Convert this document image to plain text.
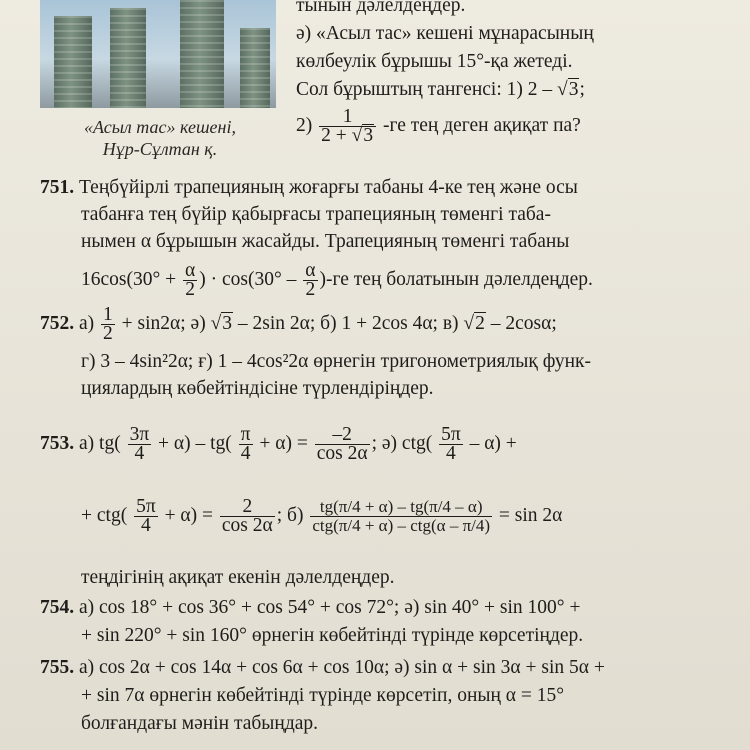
«Асыл тас» кешені,
Нұр-Сұлтан қ.
тынын дәлелдеңдер.
ә) «Асыл тас» кешені мұнарасының
көлбеулік бұрышы 15°-қа жетеді.
Сол бұрыштың тангенсі: 1) 2 – √3;
$2) \frac{1}{2 + √3} -ге$ тең деген ақиқат па?
751. Теңбүйірлі трапецияның жоғарғы табаны 4-ке тең және осы
табанға тең бүйір қабырғасы трапецияның төменгі таба-
нымен α бұрышын жасайды. Трапецияның төменгі табаны
$16\cos(30^\circ + \frac{\alpha}{2}$ ) · $\cos(30^\circ - \frac{\alpha}{2} )-ге$ тең болатынын дәлелдеңдер.
752. $а) \frac{1}{2} + \sin 2\alpha$; ә) √3 – 2sin 2α; б) 1 + 2cos 4α; в) √2 – 2cosα;
г) 3 – 4sin²2α; ғ) 1 – 4cos²2α өрнегін тригонометриялық функ-
циялардың көбейтіндісіне түрлендіріңдер.
753. а) $tg( \frac{3\pi}{4} + \alpha) - tg( \frac{\pi}{4} + \alpha) = \frac{-2}{\cos 2\alpha}$ ; ә) $ctg( \frac{5\pi}{4} - \alpha)$ +
+ $ctg( \frac{5\pi}{4} + \alpha) = \frac{2}{\cos 2\alpha}$ ; $б) \frac{tg(\pi/4 + \alpha) - tg(\pi/4 - \alpha)}{\text{ctg(π/4 + α) – ctg(α – π/4)}} = \sin 2\alpha$
теңдігінің ақиқат екенін дәлелдеңдер.
754. а) cos 18° + cos 36° + cos 54° + cos 72°; ә) sin 40° + sin 100° +
+ sin 220° + sin 160° өрнегін көбейтінді түрінде көрсетіңдер.
755. а) cos 2α + cos 14α + cos 6α + cos 10α; ә) sin α + sin 3α + sin 5α +
+ sin 7α өрнегін көбейтінді түрінде көрсетіп, оның α = 15°
болғандағы мәнін табыңдар.
